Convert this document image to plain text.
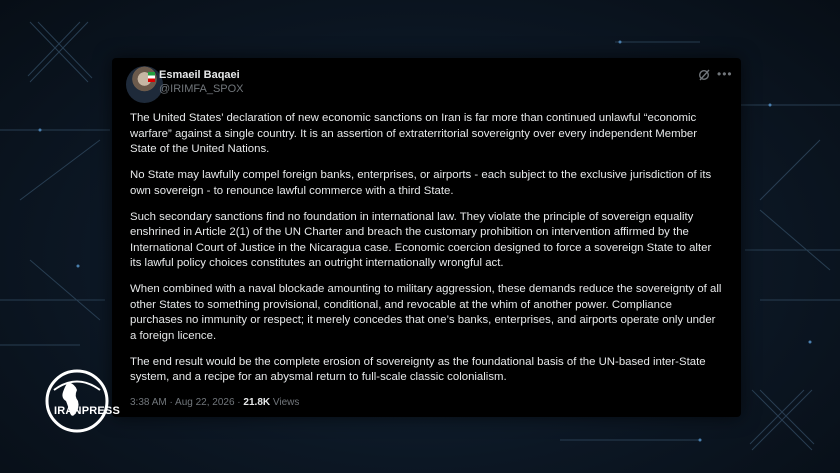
Esmaeil Baqaei
@IRIMFA_SPOX
•••

The United States’ declaration of new economic sanctions on Iran is far more than continued unlawful “economic warfare” against a single country. It is an assertion of extraterritorial sovereignty over every independent Member State of the United Nations.

No State may lawfully compel foreign banks, enterprises, or airports - each subject to the exclusive jurisdiction of its own sovereign - to renounce lawful commerce with a third State.

Such secondary sanctions find no foundation in international law. They violate the principle of sovereign equality enshrined in Article 2(1) of the UN Charter and breach the customary prohibition on intervention affirmed by the International Court of Justice in the Nicaragua case. Economic coercion designed to force a sovereign State to alter its lawful policy choices constitutes an outright internationally wrongful act.

When combined with a naval blockade amounting to military aggression, these demands reduce the sovereignty of all other States to something provisional, conditional, and revocable at the whim of another power. Compliance purchases no immunity or respect; it merely concedes that one’s banks, enterprises, and airports operate only under a foreign licence.

The end result would be the complete erosion of sovereignty as the foundational basis of the UN-based inter-State system, and a recipe for an abysmal return to full-scale classic colonialism.

3:38 AM · Aug 22, 2026 · 21.8K Views
IRANPRESS
